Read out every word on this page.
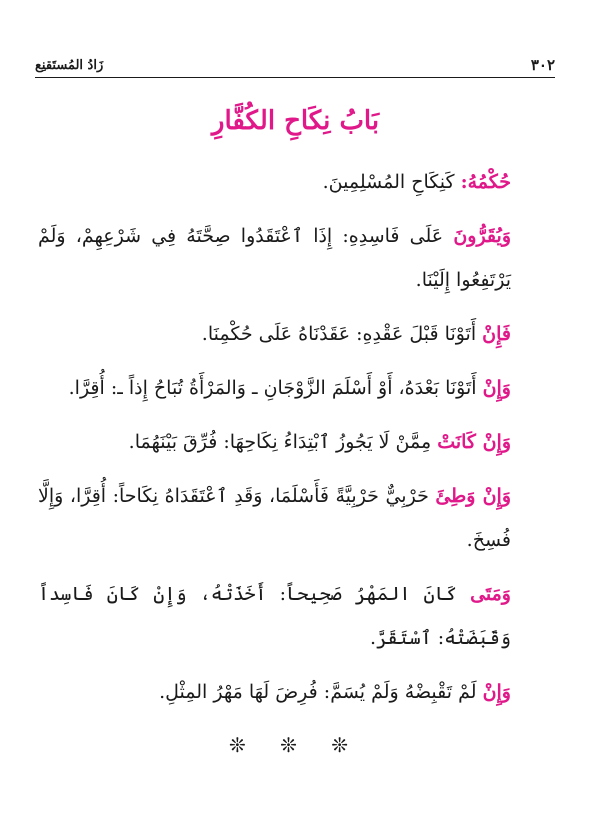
٣٠٢
زَادُ المُستَقنِع
بَابُ نِكَاحِ الكُفَّارِ

حُكْمُهُ: كَنِكَاحِ المُسْلِمِينَ.

وَيُقَرُّونَ عَلَى فَاسِدِهِ: إِذَا ٱعْتَقَدُوا صِحَّتَهُ فِي شَرْعِهِمْ، وَلَمْ يَرْتَفِعُوا إِلَيْنَا.

فَإِنْ أَتَوْنَا قَبْلَ عَقْدِهِ: عَقَدْنَاهُ عَلَى حُكْمِنَا.

وَإِنْ أَتَوْنَا بَعْدَهُ، أَوْ أَسْلَمَ الزَّوْجَانِ ـ وَالمَرْأَةُ تُبَاحُ إِذاً ـ: أُقِرَّا.

وَإِنْ كَانَتْ مِمَّنْ لَا يَجُوزُ ٱبْتِدَاءُ نِكَاحِهَا: فُرِّقَ بَيْنَهُمَا.

وَإِنْ وَطِئَ حَرْبِيٌّ حَرْبِيَّةً فَأَسْلَمَا، وَقَدِ ٱعْتَقَدَاهُ نِكَاحاً: أُقِرَّا، وَإِلَّا فُسِخَ.

وَمَتَى كَانَ المَهْرُ صَحِيحاً: أَخَذَتْهُ، وَإِنْ كَانَ فَاسِداً وَقَبَضَتْهُ: ٱسْتَقَرَّ.

وَإِنْ لَمْ تَقْبِضْهُ وَلَمْ يُسَمَّ: فُرِضَ لَهَا مَهْرُ المِثْلِ.

❊ ❊ ❊
